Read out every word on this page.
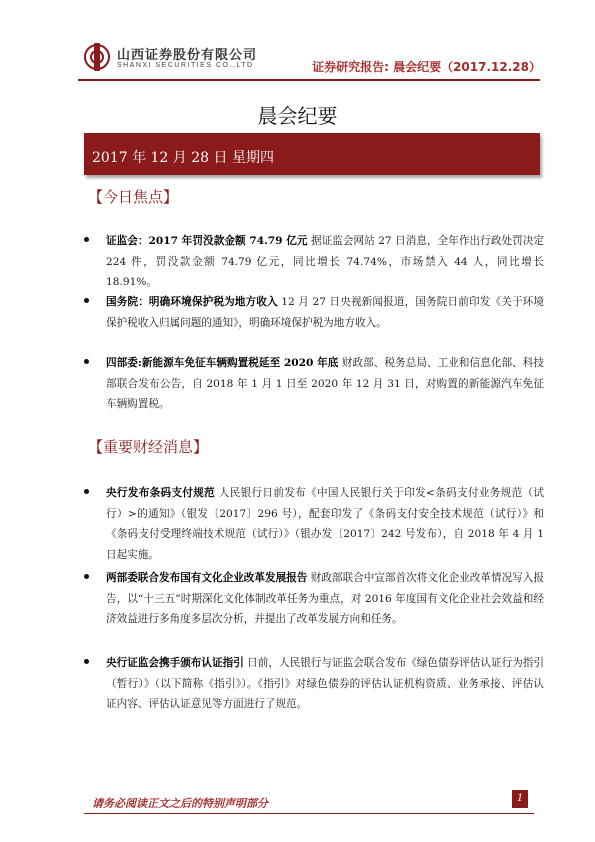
山西证券股份有限公司
SHANXI SECURITIES CO.,LTD	证券研究报告: 晨会纪要（2017.12.28）
晨会纪要
2017 年 12 月 28 日 星期四
【今日焦点】
证监会：2017 年罚没款金额 74.79 亿元 据证监会网站 27 日消息，全年作出行政处罚决定 224 件，罚没款金额 74.79 亿元，同比增长 74.74%，市场禁入 44 人，同比增长 18.91%。
国务院：明确环境保护税为地方收入 12 月 27 日央视新闻报道，国务院日前印发《关于环境保护税收入归属问题的通知》，明确环境保护税为地方收入。
四部委:新能源车免征车辆购置税延至 2020 年底 财政部、税务总局、工业和信息化部、科技部联合发布公告，自 2018 年 1 月 1 日至 2020 年 12 月 31 日，对购置的新能源汽车免征车辆购置税。
【重要财经消息】
央行发布条码支付规范 人民银行日前发布《中国人民银行关于印发<条码支付业务规范（试行）>的通知》（银发〔2017〕296 号），配套印发了《条码支付安全技术规范（试行）》和《条码支付受理终端技术规范（试行）》（银办发〔2017〕242 号发布），自 2018 年 4 月 1 日起实施。
两部委联合发布国有文化企业改革发展报告 财政部联合中宣部首次将文化企业改革情况写入报告，以“十三五”时期深化文化体制改革任务为重点，对 2016 年度国有文化企业社会效益和经济效益进行多角度多层次分析，并提出了改革发展方向和任务。
央行证监会携手颁布认证指引 日前，人民银行与证监会联合发布《绿色债券评估认证行为指引（暂行）》（以下简称《指引》）。《指引》对绿色债券的评估认证机构资质、业务承接、评估认证内容、评估认证意见等方面进行了规范。
请务必阅读正文之后的特别声明部分	1
